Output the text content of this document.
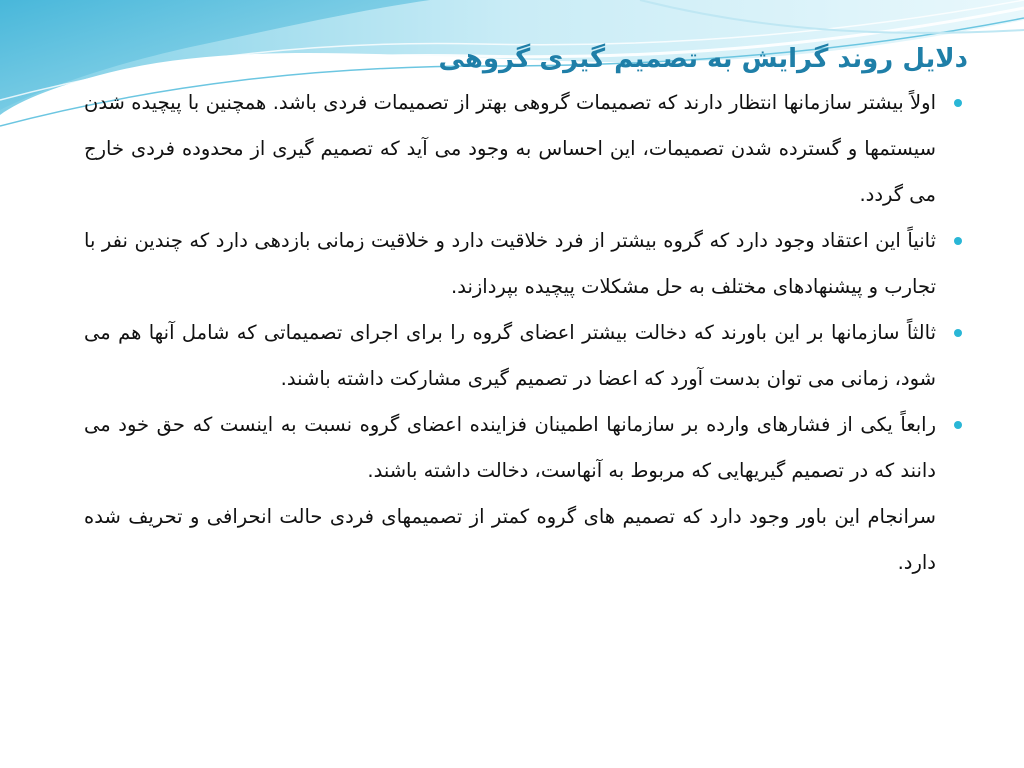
دلایل روند گرایش به تصمیم گیری گروهی
اولاً بیشتر سازمانها انتظار دارند که تصمیمات گروهی بهتر از تصمیمات فردی باشد. همچنین با پیچیده شدن سیستمها و گسترده شدن تصمیمات، این احساس به وجود می آید که تصمیم گیری از محدوده فردی خارج می گردد.
ثانیاً این اعتقاد وجود دارد که گروه بیشتر از فرد خلاقیت دارد و خلاقیت زمانی بازدهی دارد که چندین نفر با تجارب و پیشنهادهای مختلف به حل مشکلات پیچیده بپردازند.
ثالثاً سازمانها بر این باورند که دخالت بیشتر اعضای گروه را برای اجرای تصمیماتی که شامل آنها هم می شود، زمانی می توان بدست آورد که اعضا در تصمیم گیری مشارکت داشته باشند.
رابعاً یکی از فشارهای وارده بر سازمانها اطمینان فزاینده اعضای گروه نسبت به اینست که حق خود می دانند که در تصمیم گیریهایی که مربوط به آنهاست، دخالت داشته باشند.

سرانجام این باور وجود دارد که تصمیم های گروه کمتر از تصمیمهای فردی حالت انحرافی و تحریف شده دارد.
